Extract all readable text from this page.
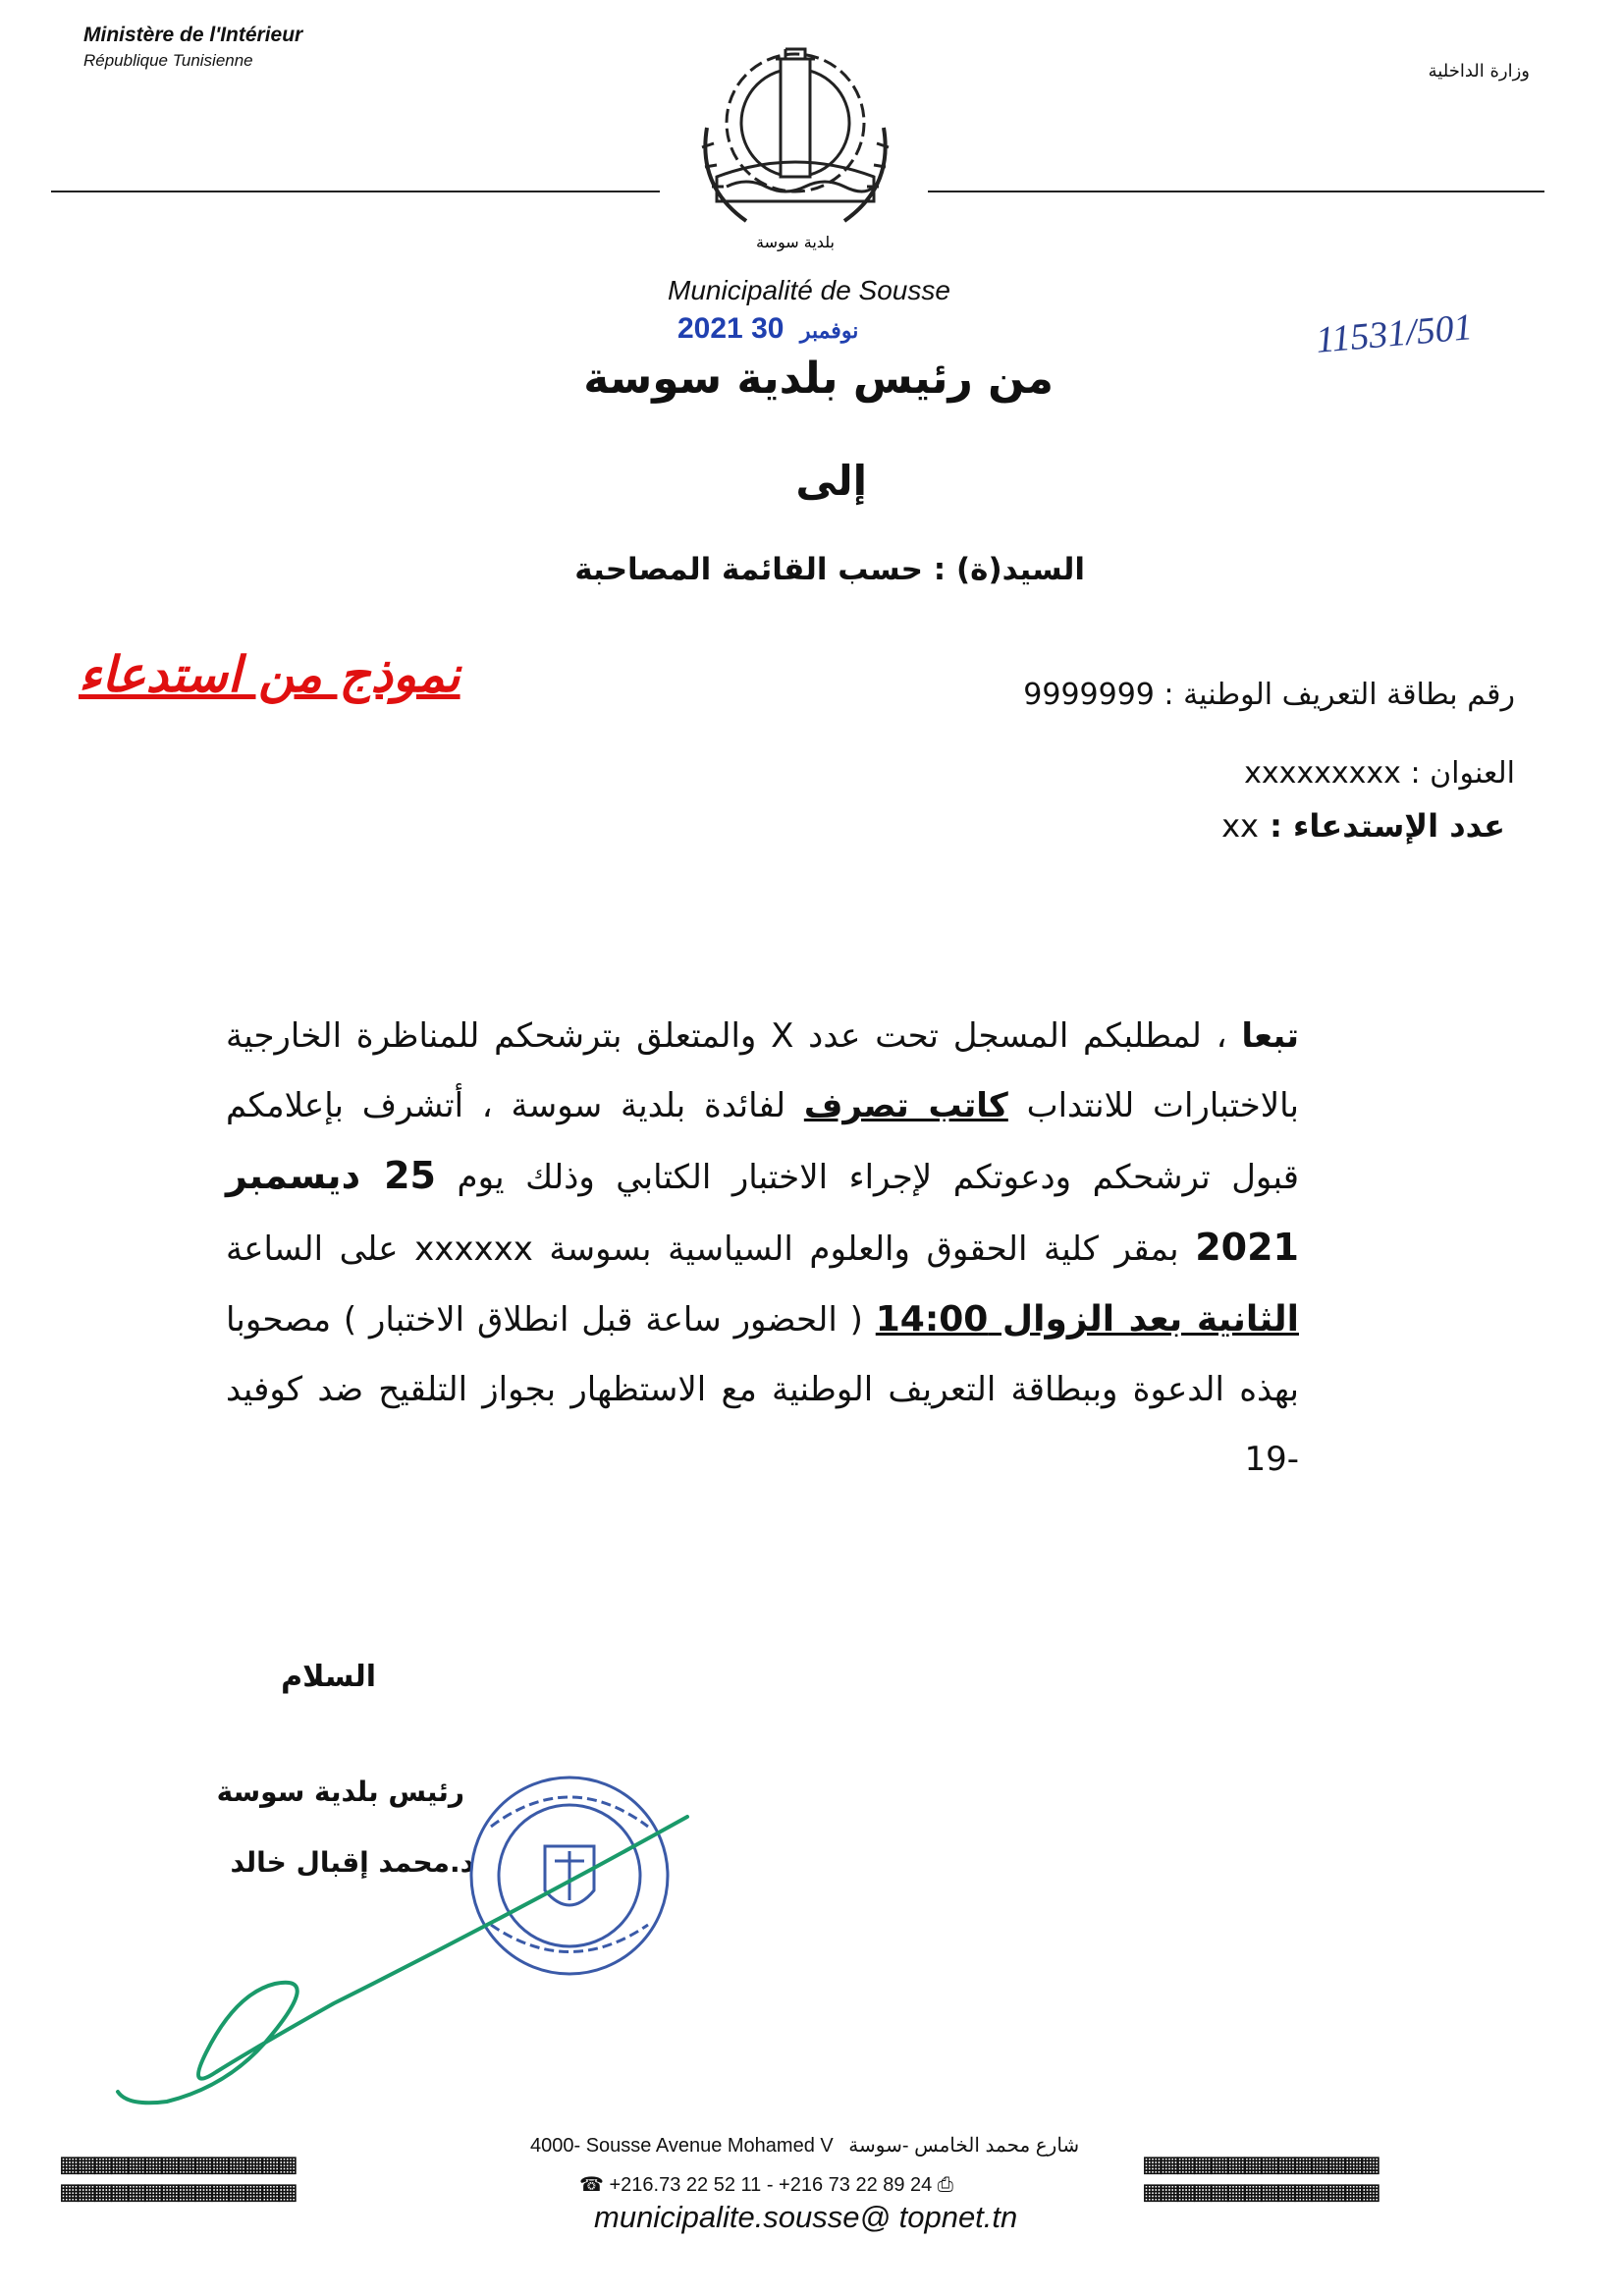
Ministère de l'Intérieur
République Tunisienne
وزارة الداخلية
بلدية سوسة
Municipalité de Sousse
2021	نوفمبر 30	11531/501
من رئيس بلدية سوسة
إلى
السيد(ة) : حسب القائمة المصاحبة
نموذج من استدعاء	رقم بطاقة التعريف الوطنية : 9999999
العنوان : xxxxxxxxx
عدد الإستدعاء : xx
تبعا ، لمطلبكم المسجل تحت عدد X والمتعلق بترشحكم للمناظرة الخارجية بالاختبارات للانتداب كاتب تصرف لفائدة بلدية سوسة ، أتشرف بإعلامكم قبول ترشحكم ودعوتكم لإجراء الاختبار الكتابي وذلك يوم 25 ديسمبر 2021 بمقر كلية الحقوق والعلوم السياسية بسوسة xxxxxx على الساعة الثانية بعد الزوال 14:00 ( الحضور ساعة قبل انطلاق الاختبار ) مصحوبا بهذه الدعوة وببطاقة التعريف الوطنية مع الاستظهار بجواز التلقيح ضد كوفيد -19
السلام
رئيس بلدية سوسة
د.محمد إقبال خالد
▦▦▦▦▦▦▦▦▦▦▦▦▦▦
▦▦▦▦▦▦▦▦▦▦▦▦▦▦
▦▦▦▦▦▦▦▦▦▦▦▦▦▦
▦▦▦▦▦▦▦▦▦▦▦▦▦▦
4000- Sousse Avenue Mohamed V شارع محمد الخامس -سوسة
☎ +216.73 22 52 11 - +216 73 22 89 24 ⎙
municipalite.sousse@ topnet.tn
